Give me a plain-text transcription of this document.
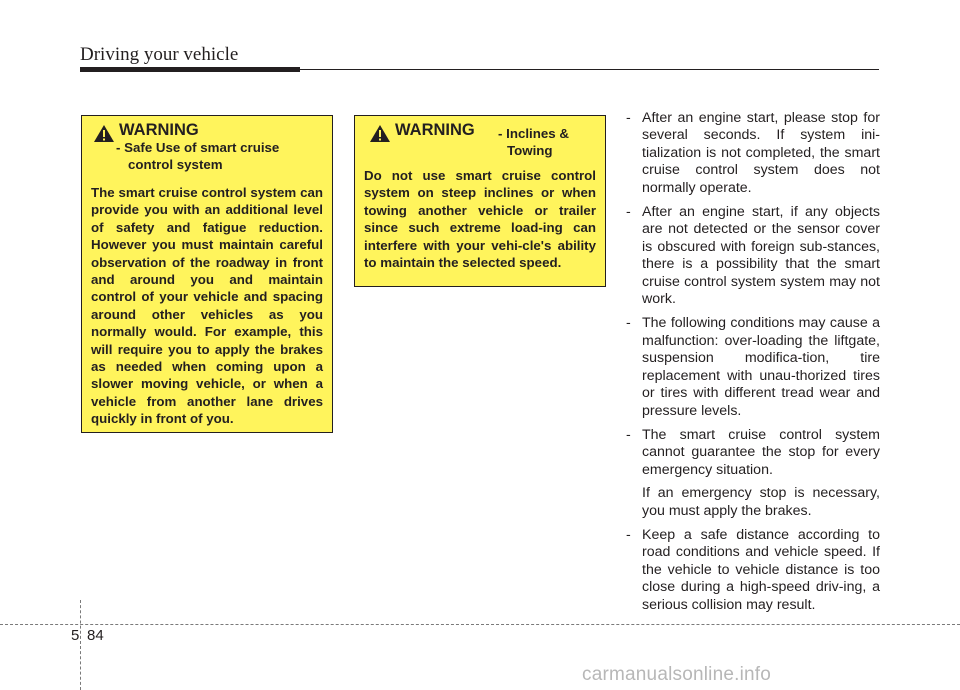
Driving your vehicle
WARNING
- Safe Use of smart cruise
control system
The smart cruise control system can provide you with an additional level of safety and fatigue reduction. However you must maintain careful observation of the roadway in front and around you and maintain control of your vehicle and spacing around other vehicles as you normally would. For example, this will require you to apply the brakes as needed when coming upon a slower moving vehicle, or when a vehicle from another lane drives quickly in front of you.
WARNING - Inclines &
Towing
Do not use smart cruise control system on steep inclines or when towing another vehicle or trailer since such extreme load-ing can interfere with your vehi-cle's ability to maintain the selected speed.
- After an engine start, please stop for several seconds. If system ini-tialization is not completed, the smart cruise control system does not normally operate.
- After an engine start, if any objects are not detected or the sensor cover is obscured with foreign sub-stances, there is a possibility that the smart cruise control system system may not work.
- The following conditions may cause a malfunction: over-loading the liftgate, suspension modifica-tion, tire replacement with unau-thorized tires or tires with different tread wear and pressure levels.
- The smart cruise control system cannot guarantee the stop for every emergency situation.
If an emergency stop is necessary, you must apply the brakes.
- Keep a safe distance according to road conditions and vehicle speed. If the vehicle to vehicle distance is too close during a high-speed driv-ing, a serious collision may result.
5 84
carmanualsonline.info
